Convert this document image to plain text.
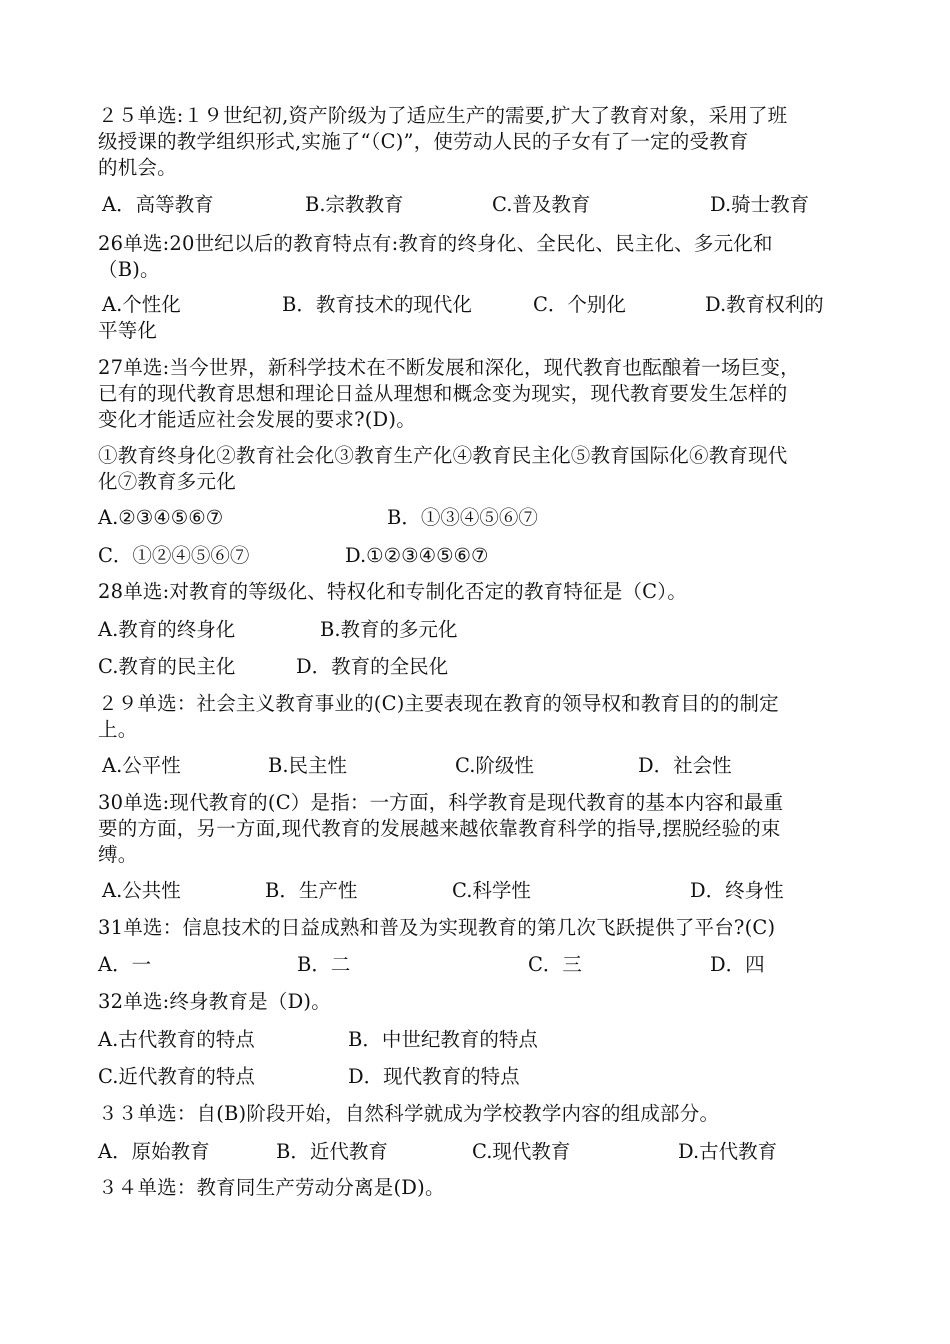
２５单选:１９世纪初,资产阶级为了适应生产的需要,扩大了教育对象，采用了班
级授课的教学组织形式,实施了“（C)”，使劳动人民的子女有了一定的受教育
的机会。
A．高等教育	B.宗教教育	C.普及教育	D.骑士教育
26单选:20世纪以后的教育特点有:教育的终身化、全民化、民主化、多元化和
（B)。
A.个性化	B．教育技术的现代化	C．个别化	D.教育权利的
平等化
27单选:当今世界，新科学技术在不断发展和深化，现代教育也酝酿着一场巨变，
已有的现代教育思想和理论日益从理想和概念变为现实，现代教育要发生怎样的
变化才能适应社会发展的要求?(D)。
①教育终身化②教育社会化③教育生产化④教育民主化⑤教育国际化⑥教育现代
化⑦教育多元化
A.②③④⑤⑥⑦	B．①③④⑤⑥⑦
C．①②④⑤⑥⑦	D.①②③④⑤⑥⑦
28单选:对教育的等级化、特权化和专制化否定的教育特征是（C）。
A.教育的终身化	B.教育的多元化
C.教育的民主化	D．教育的全民化
２９单选：社会主义教育事业的(C)主要表现在教育的领导权和教育目的的制定
上。
A.公平性	B.民主性	C.阶级性	D．社会性
30单选:现代教育的(C）是指：一方面，科学教育是现代教育的基本内容和最重
要的方面，另一方面,现代教育的发展越来越依靠教育科学的指导,摆脱经验的束
缚。
A.公共性	B．生产性	C.科学性	D．终身性
31单选：信息技术的日益成熟和普及为实现教育的第几次飞跃提供了平台?(C)
A．一	B．二	C．三	D．四
32单选:终身教育是（D)。
A.古代教育的特点	B．中世纪教育的特点
C.近代教育的特点	D．现代教育的特点
３３单选：自(B)阶段开始，自然科学就成为学校教学内容的组成部分。
A．原始教育	B．近代教育	C.现代教育	D.古代教育
３４单选：教育同生产劳动分离是(D)。
